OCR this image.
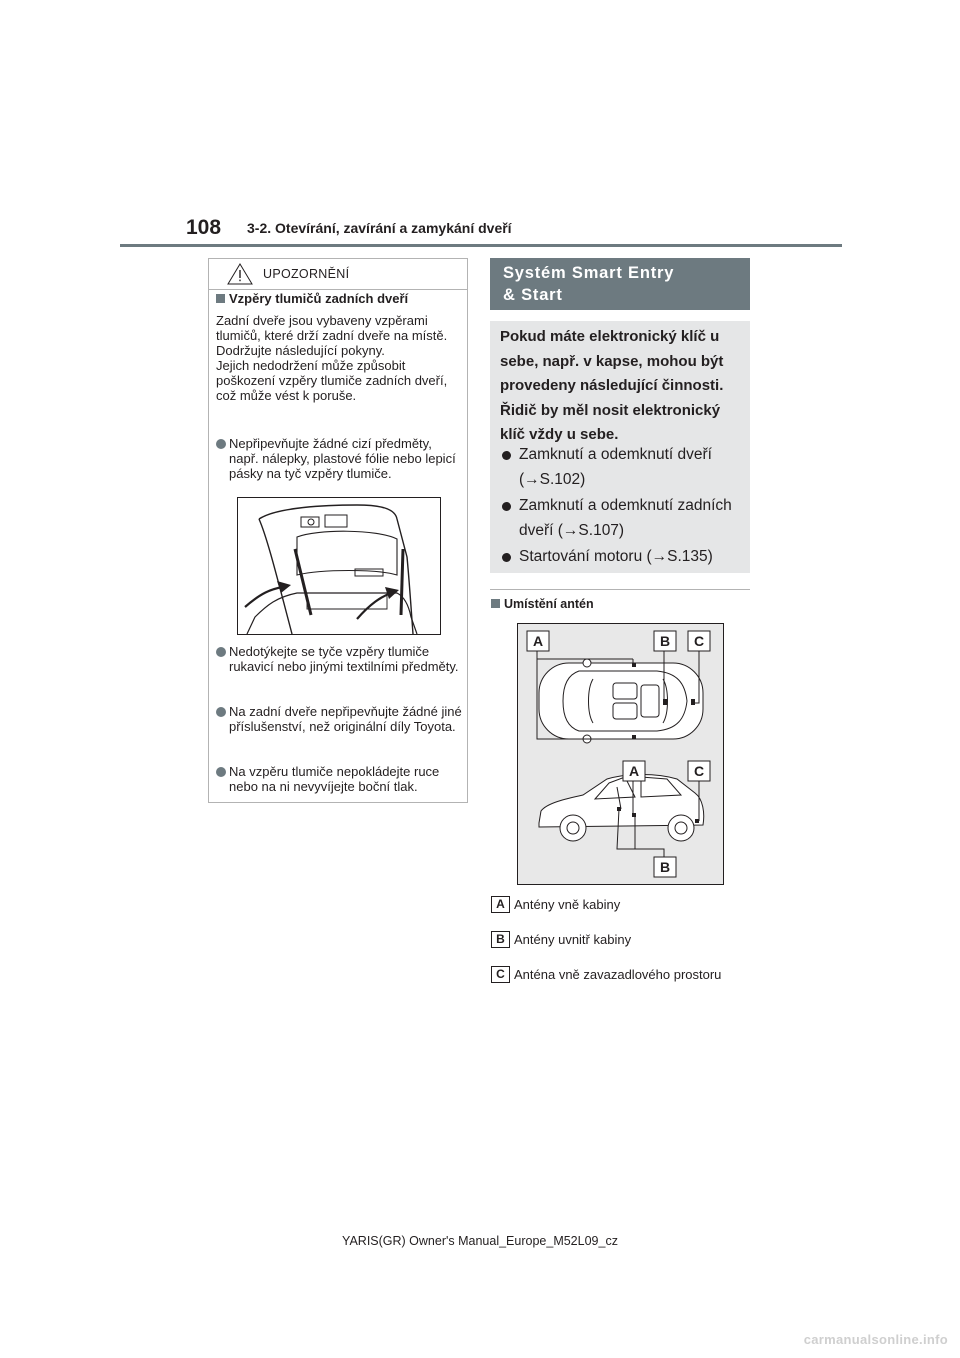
108 3-2. Otevírání, zavírání a zamykání dveří
UPOZORNĚNÍ
Vzpěry tlumičů zadních dveří
Zadní dveře jsou vybaveny vzpěrami tlumičů, které drží zadní dveře na místě.
Dodržujte následující pokyny.
Jejich nedodržení může způsobit poškození vzpěry tlumiče zadních dveří, což může vést k poruše.
Nepřipevňujte žádné cizí předměty, např. nálepky, plastové fólie nebo lepicí pásky na tyč vzpěry tlumiče.
Nedotýkejte se tyče vzpěry tlumiče rukavicí nebo jinými textilními předměty.
Na zadní dveře nepřipevňujte žádné jiné příslušenství, než originální díly Toyota.
Na vzpěru tlumiče nepokládejte ruce nebo na ni nevyvíjejte boční tlak.
Systém Smart Entry
& Start
Pokud máte elektronický klíč u sebe, např. v kapse, mohou být provedeny následující činnosti. Řidič by měl nosit elektronický klíč vždy u sebe.
Zamknutí a odemknutí dveří (→S.102)
Zamknutí a odemknutí zadních dveří (→S.107)
Startování motoru (→S.135)
Umístění antén
A	B C
A	C
B
A Antény vně kabiny
B Antény uvnitř kabiny
C Anténa vně zavazadlového prostoru
YARIS(GR) Owner's Manual_Europe_M52L09_cz
carmanualsonline.info
